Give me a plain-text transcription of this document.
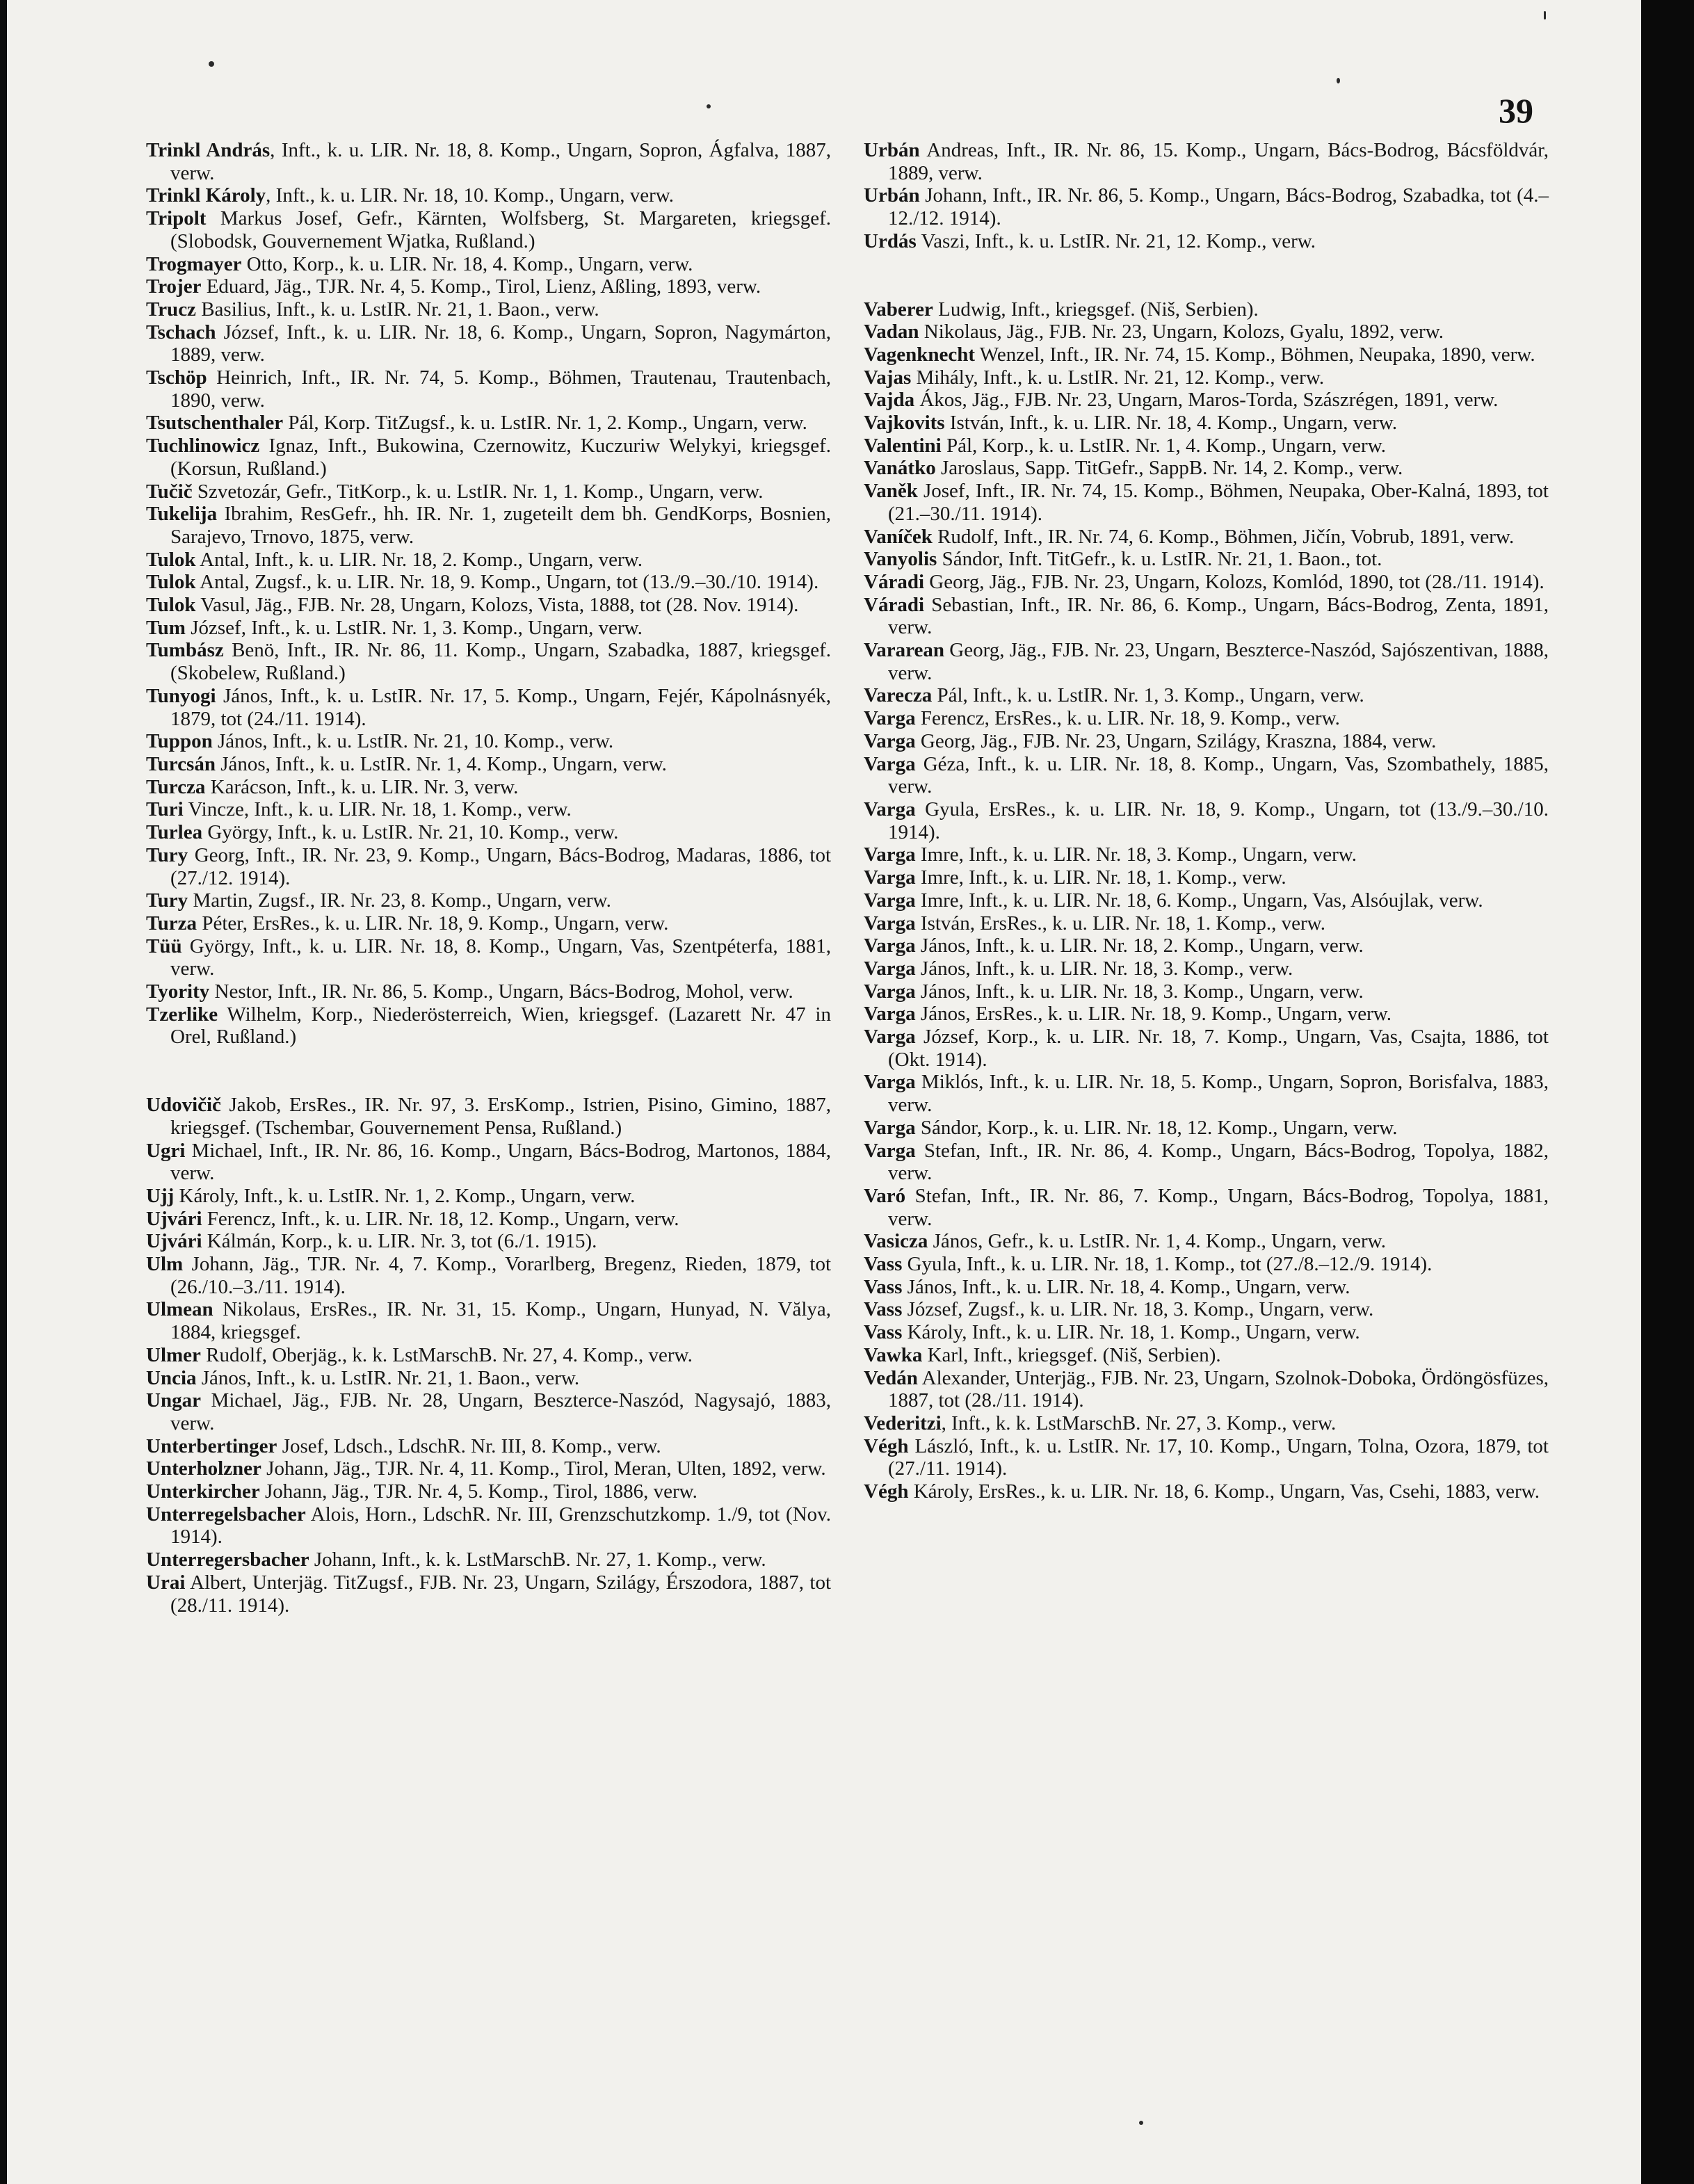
39

Trinkl András, Inft., k. u. LIR. Nr. 18, 8. Komp., Ungarn, Sopron, Ágfalva, 1887, verw.

Trinkl Károly, Inft., k. u. LIR. Nr. 18, 10. Komp., Ungarn, verw.

Tripolt Markus Josef, Gefr., Kärnten, Wolfsberg, St. Margareten, kriegsgef. (Slobodsk, Gouvernement Wjatka, Rußland.)

Trogmayer Otto, Korp., k. u. LIR. Nr. 18, 4. Komp., Ungarn, verw.

Trojer Eduard, Jäg., TJR. Nr. 4, 5. Komp., Tirol, Lienz, Aßling, 1893, verw.

Trucz Basilius, Inft., k. u. LstIR. Nr. 21, 1. Baon., verw.

Tschach József, Inft., k. u. LIR. Nr. 18, 6. Komp., Ungarn, Sopron, Nagymárton, 1889, verw.

Tschöp Heinrich, Inft., IR. Nr. 74, 5. Komp., Böhmen, Trautenau, Trautenbach, 1890, verw.

Tsutschenthaler Pál, Korp. TitZugsf., k. u. LstIR. Nr. 1, 2. Komp., Ungarn, verw.

Tuchlinowicz Ignaz, Inft., Bukowina, Czernowitz, Kuczuriw Welykyi, kriegsgef. (Korsun, Rußland.)

Tučič Szvetozár, Gefr., TitKorp., k. u. LstIR. Nr. 1, 1. Komp., Ungarn, verw.

Tukelija Ibrahim, ResGefr., hh. IR. Nr. 1, zugeteilt dem bh. GendKorps, Bosnien, Sarajevo, Trnovo, 1875, verw.

Tulok Antal, Inft., k. u. LIR. Nr. 18, 2. Komp., Ungarn, verw.

Tulok Antal, Zugsf., k. u. LIR. Nr. 18, 9. Komp., Ungarn, tot (13./9.–30./10. 1914).

Tulok Vasul, Jäg., FJB. Nr. 28, Ungarn, Kolozs, Vista, 1888, tot (28. Nov. 1914).

Tum József, Inft., k. u. LstIR. Nr. 1, 3. Komp., Ungarn, verw.

Tumbász Benö, Inft., IR. Nr. 86, 11. Komp., Ungarn, Szabadka, 1887, kriegsgef. (Skobelew, Rußland.)

Tunyogi János, Inft., k. u. LstIR. Nr. 17, 5. Komp., Ungarn, Fejér, Kápolnásnyék, 1879, tot (24./11. 1914).

Tuppon János, Inft., k. u. LstIR. Nr. 21, 10. Komp., verw.

Turcsán János, Inft., k. u. LstIR. Nr. 1, 4. Komp., Ungarn, verw.

Turcza Karácson, Inft., k. u. LIR. Nr. 3, verw.

Turi Vincze, Inft., k. u. LIR. Nr. 18, 1. Komp., verw.

Turlea György, Inft., k. u. LstIR. Nr. 21, 10. Komp., verw.

Tury Georg, Inft., IR. Nr. 23, 9. Komp., Ungarn, Bács-Bodrog, Madaras, 1886, tot (27./12. 1914).

Tury Martin, Zugsf., IR. Nr. 23, 8. Komp., Ungarn, verw.

Turza Péter, ErsRes., k. u. LIR. Nr. 18, 9. Komp., Ungarn, verw.

Tüü György, Inft., k. u. LIR. Nr. 18, 8. Komp., Ungarn, Vas, Szentpéterfa, 1881, verw.

Tyority Nestor, Inft., IR. Nr. 86, 5. Komp., Ungarn, Bács-Bodrog, Mohol, verw.

Tzerlike Wilhelm, Korp., Niederösterreich, Wien, kriegsgef. (Lazarett Nr. 47 in Orel, Rußland.)

Udovičič Jakob, ErsRes., IR. Nr. 97, 3. ErsKomp., Istrien, Pisino, Gimino, 1887, kriegsgef. (Tschembar, Gouvernement Pensa, Rußland.)

Ugri Michael, Inft., IR. Nr. 86, 16. Komp., Ungarn, Bács-Bodrog, Martonos, 1884, verw.

Ujj Károly, Inft., k. u. LstIR. Nr. 1, 2. Komp., Ungarn, verw.

Ujvári Ferencz, Inft., k. u. LIR. Nr. 18, 12. Komp., Ungarn, verw.

Ujvári Kálmán, Korp., k. u. LIR. Nr. 3, tot (6./1. 1915).

Ulm Johann, Jäg., TJR. Nr. 4, 7. Komp., Vorarlberg, Bregenz, Rieden, 1879, tot (26./10.–3./11. 1914).

Ulmean Nikolaus, ErsRes., IR. Nr. 31, 15. Komp., Ungarn, Hunyad, N. Vălya, 1884, kriegsgef.

Ulmer Rudolf, Oberjäg., k. k. LstMarschB. Nr. 27, 4. Komp., verw.

Uncia János, Inft., k. u. LstIR. Nr. 21, 1. Baon., verw.

Ungar Michael, Jäg., FJB. Nr. 28, Ungarn, Beszterce-Naszód, Nagysajó, 1883, verw.

Unterbertinger Josef, Ldsch., LdschR. Nr. III, 8. Komp., verw.

Unterholzner Johann, Jäg., TJR. Nr. 4, 11. Komp., Tirol, Meran, Ulten, 1892, verw.

Unterkircher Johann, Jäg., TJR. Nr. 4, 5. Komp., Tirol, 1886, verw.

Unterregelsbacher Alois, Horn., LdschR. Nr. III, Grenzschutzkomp. 1./9, tot (Nov. 1914).

Unterregersbacher Johann, Inft., k. k. LstMarschB. Nr. 27, 1. Komp., verw.

Urai Albert, Unterjäg. TitZugsf., FJB. Nr. 23, Ungarn, Szilágy, Érszodora, 1887, tot (28./11. 1914).

Urbán Andreas, Inft., IR. Nr. 86, 15. Komp., Ungarn, Bács-Bodrog, Bácsföldvár, 1889, verw.

Urbán Johann, Inft., IR. Nr. 86, 5. Komp., Ungarn, Bács-Bodrog, Szabadka, tot (4.–12./12. 1914).

Urdás Vaszi, Inft., k. u. LstIR. Nr. 21, 12. Komp., verw.

Vaberer Ludwig, Inft., kriegsgef. (Niš, Serbien).

Vadan Nikolaus, Jäg., FJB. Nr. 23, Ungarn, Kolozs, Gyalu, 1892, verw.

Vagenknecht Wenzel, Inft., IR. Nr. 74, 15. Komp., Böhmen, Neupaka, 1890, verw.

Vajas Mihály, Inft., k. u. LstIR. Nr. 21, 12. Komp., verw.

Vajda Ákos, Jäg., FJB. Nr. 23, Ungarn, Maros-Torda, Szászrégen, 1891, verw.

Vajkovits István, Inft., k. u. LIR. Nr. 18, 4. Komp., Ungarn, verw.

Valentini Pál, Korp., k. u. LstIR. Nr. 1, 4. Komp., Ungarn, verw.

Vanátko Jaroslaus, Sapp. TitGefr., SappB. Nr. 14, 2. Komp., verw.

Vaněk Josef, Inft., IR. Nr. 74, 15. Komp., Böhmen, Neupaka, Ober-Kalná, 1893, tot (21.–30./11. 1914).

Vaníček Rudolf, Inft., IR. Nr. 74, 6. Komp., Böhmen, Jičín, Vobrub, 1891, verw.

Vanyolis Sándor, Inft. TitGefr., k. u. LstIR. Nr. 21, 1. Baon., tot.

Váradi Georg, Jäg., FJB. Nr. 23, Ungarn, Kolozs, Komlód, 1890, tot (28./11. 1914).

Váradi Sebastian, Inft., IR. Nr. 86, 6. Komp., Ungarn, Bács-Bodrog, Zenta, 1891, verw.

Vararean Georg, Jäg., FJB. Nr. 23, Ungarn, Beszterce-Naszód, Sajószentivan, 1888, verw.

Varecza Pál, Inft., k. u. LstIR. Nr. 1, 3. Komp., Ungarn, verw.

Varga Ferencz, ErsRes., k. u. LIR. Nr. 18, 9. Komp., verw.

Varga Georg, Jäg., FJB. Nr. 23, Ungarn, Szilágy, Kraszna, 1884, verw.

Varga Géza, Inft., k. u. LIR. Nr. 18, 8. Komp., Ungarn, Vas, Szombathely, 1885, verw.

Varga Gyula, ErsRes., k. u. LIR. Nr. 18, 9. Komp., Ungarn, tot (13./9.–30./10. 1914).

Varga Imre, Inft., k. u. LIR. Nr. 18, 3. Komp., Ungarn, verw.

Varga Imre, Inft., k. u. LIR. Nr. 18, 1. Komp., verw.

Varga Imre, Inft., k. u. LIR. Nr. 18, 6. Komp., Ungarn, Vas, Alsóujlak, verw.

Varga István, ErsRes., k. u. LIR. Nr. 18, 1. Komp., verw.

Varga János, Inft., k. u. LIR. Nr. 18, 2. Komp., Ungarn, verw.

Varga János, Inft., k. u. LIR. Nr. 18, 3. Komp., verw.

Varga János, Inft., k. u. LIR. Nr. 18, 3. Komp., Ungarn, verw.

Varga János, ErsRes., k. u. LIR. Nr. 18, 9. Komp., Ungarn, verw.

Varga József, Korp., k. u. LIR. Nr. 18, 7. Komp., Ungarn, Vas, Csajta, 1886, tot (Okt. 1914).

Varga Miklós, Inft., k. u. LIR. Nr. 18, 5. Komp., Ungarn, Sopron, Borisfalva, 1883, verw.

Varga Sándor, Korp., k. u. LIR. Nr. 18, 12. Komp., Ungarn, verw.

Varga Stefan, Inft., IR. Nr. 86, 4. Komp., Ungarn, Bács-Bodrog, Topolya, 1882, verw.

Varó Stefan, Inft., IR. Nr. 86, 7. Komp., Ungarn, Bács-Bodrog, Topolya, 1881, verw.

Vasicza János, Gefr., k. u. LstIR. Nr. 1, 4. Komp., Ungarn, verw.

Vass Gyula, Inft., k. u. LIR. Nr. 18, 1. Komp., tot (27./8.–12./9. 1914).

Vass János, Inft., k. u. LIR. Nr. 18, 4. Komp., Ungarn, verw.

Vass József, Zugsf., k. u. LIR. Nr. 18, 3. Komp., Ungarn, verw.

Vass Károly, Inft., k. u. LIR. Nr. 18, 1. Komp., Ungarn, verw.

Vawka Karl, Inft., kriegsgef. (Niš, Serbien).

Vedán Alexander, Unterjäg., FJB. Nr. 23, Ungarn, Szolnok-Doboka, Ördöngösfüzes, 1887, tot (28./11. 1914).

Vederitzi, Inft., k. k. LstMarschB. Nr. 27, 3. Komp., verw.

Végh László, Inft., k. u. LstIR. Nr. 17, 10. Komp., Ungarn, Tolna, Ozora, 1879, tot (27./11. 1914).

Végh Károly, ErsRes., k. u. LIR. Nr. 18, 6. Komp., Ungarn, Vas, Csehi, 1883, verw.
